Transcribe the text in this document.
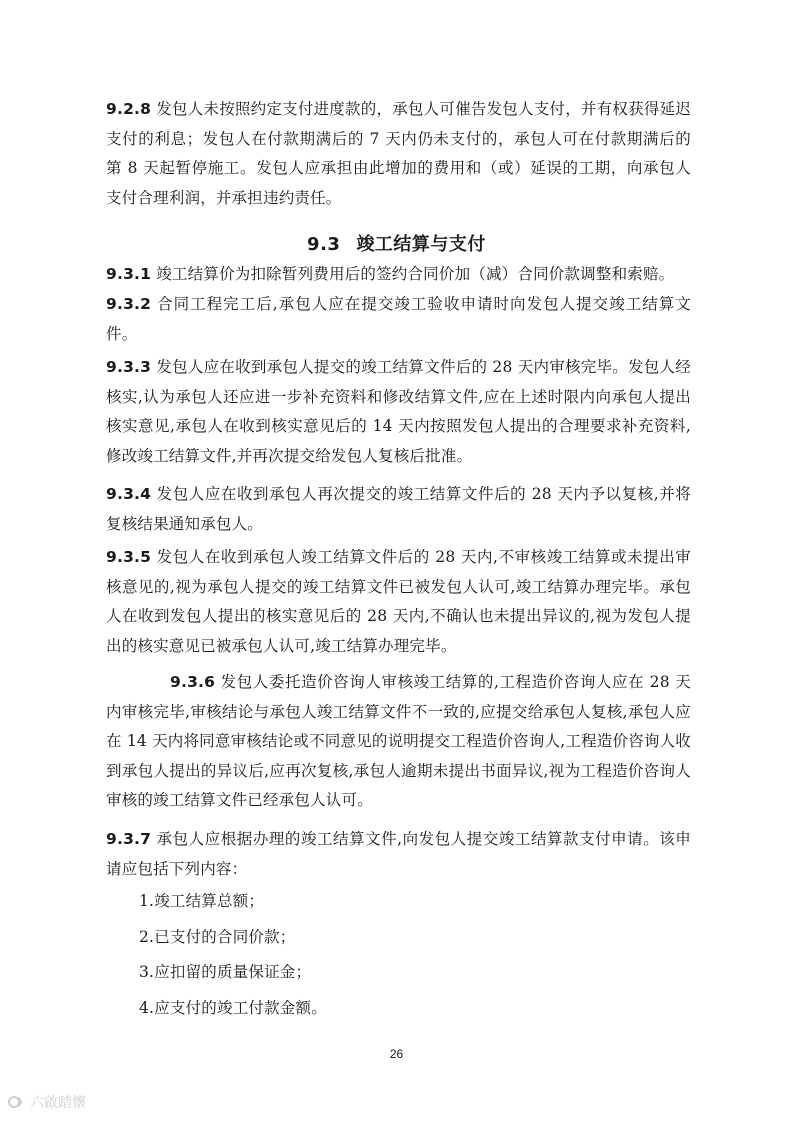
9.2.8 发包人未按照约定支付进度款的，承包人可催告发包人支付，并有权获得延迟支付的利息；发包人在付款期满后的 7 天内仍未支付的，承包人可在付款期满后的第 8 天起暂停施工。发包人应承担由此增加的费用和（或）延误的工期，向承包人支付合理利润，并承担违约责任。

9.3 竣工结算与支付

9.3.1 竣工结算价为扣除暂列费用后的签约合同价加（减）合同价款调整和索赔。

9.3.2 合同工程完工后,承包人应在提交竣工验收申请时向发包人提交竣工结算文件。

9.3.3 发包人应在收到承包人提交的竣工结算文件后的 28 天内审核完毕。发包人经核实,认为承包人还应进一步补充资料和修改结算文件,应在上述时限内向承包人提出核实意见,承包人在收到核实意见后的 14 天内按照发包人提出的合理要求补充资料,修改竣工结算文件,并再次提交给发包人复核后批准。

9.3.4 发包人应在收到承包人再次提交的竣工结算文件后的 28 天内予以复核,并将复核结果通知承包人。

9.3.5 发包人在收到承包人竣工结算文件后的 28 天内,不审核竣工结算或未提出审核意见的,视为承包人提交的竣工结算文件已被发包人认可,竣工结算办理完毕。承包人在收到发包人提出的核实意见后的 28 天内,不确认也未提出异议的,视为发包人提出的核实意见已被承包人认可,竣工结算办理完毕。

9.3.6 发包人委托造价咨询人审核竣工结算的,工程造价咨询人应在 28 天内审核完毕,审核结论与承包人竣工结算文件不一致的,应提交给承包人复核,承包人应在 14 天内将同意审核结论或不同意见的说明提交工程造价咨询人,工程造价咨询人收到承包人提出的异议后,应再次复核,承包人逾期未提出书面异议,视为工程造价咨询人审核的竣工结算文件已经承包人认可。

9.3.7 承包人应根据办理的竣工结算文件,向发包人提交竣工结算款支付申请。该申请应包括下列内容：

1.竣工结算总额；
2.已支付的合同价款；
3.应扣留的质量保证金；
4.应支付的竣工付款金额。
26
六啟踏懷
